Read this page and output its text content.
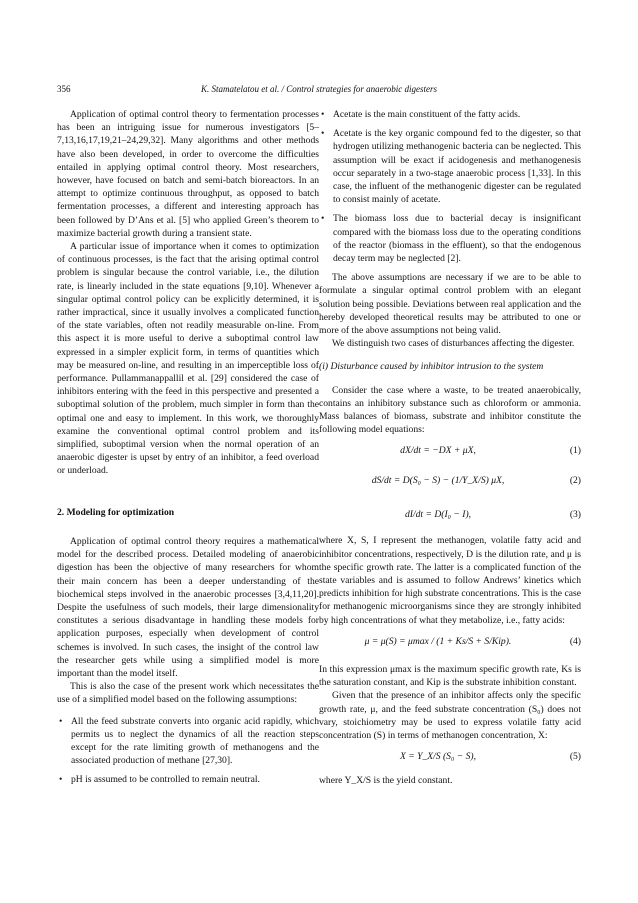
356	K. Stamatelatou et al. / Control strategies for anaerobic digesters

Application of optimal control theory to fermentation processes has been an intriguing issue for numerous investigators [5–7,13,16,17,19,21–24,29,32]. Many algorithms and other methods have also been developed, in order to overcome the difficulties entailed in applying optimal control theory. Most researchers, however, have focused on batch and semi-batch bioreactors. In an attempt to optimize continuous throughput, as opposed to batch fermentation processes, a different and interesting approach has been followed by D’Ans et al. [5] who applied Green’s theorem to maximize bacterial growth during a transient state.

A particular issue of importance when it comes to optimization of continuous processes, is the fact that the arising optimal control problem is singular because the control variable, i.e., the dilution rate, is linearly included in the state equations [9,10]. Whenever a singular optimal control policy can be explicitly determined, it is rather impractical, since it usually involves a complicated function of the state variables, often not readily measurable on-line. From this aspect it is more useful to derive a suboptimal control law expressed in a simpler explicit form, in terms of quantities which may be measured on-line, and resulting in an imperceptible loss of performance. Pullammanappallil et al. [29] considered the case of inhibitors entering with the feed in this perspective and presented a suboptimal solution of the problem, much simpler in form than the optimal one and easy to implement. In this work, we thoroughly examine the conventional optimal control problem and its simplified, suboptimal version when the normal operation of an anaerobic digester is upset by entry of an inhibitor, a feed overload or underload.

2. Modeling for optimization

Application of optimal control theory requires a mathematical model for the described process. Detailed modeling of anaerobic digestion has been the objective of many researchers for whom their main concern has been a deeper understanding of the biochemical steps involved in the anaerobic processes [3,4,11,20]. Despite the usefulness of such models, their large dimensionality constitutes a serious disadvantage in handling these models for application purposes, especially when development of control schemes is involved. In such cases, the insight of the control law the researcher gets while using a simplified model is more important than the model itself.

This is also the case of the present work which necessitates the use of a simplified model based on the following assumptions:

• All the feed substrate converts into organic acid rapidly, which permits us to neglect the dynamics of all the reaction steps except for the rate limiting growth of methanogens and the associated production of methane [27,30].
• pH is assumed to be controlled to remain neutral.
• Acetate is the main constituent of the fatty acids.
• Acetate is the key organic compound fed to the digester, so that hydrogen utilizing methanogenic bacteria can be neglected. This assumption will be exact if acidogenesis and methanogenesis occur separately in a two-stage anaerobic process [1,33]. In this case, the influent of the methanogenic digester can be regulated to consist mainly of acetate.
• The biomass loss due to bacterial decay is insignificant compared with the biomass loss due to the operating conditions of the reactor (biomass in the effluent), so that the endogenous decay term may be neglected [2].

The above assumptions are necessary if we are to be able to formulate a singular optimal control problem with an elegant solution being possible. Deviations between real application and the hereby developed theoretical results may be attributed to one or more of the above assumptions not being valid.

We distinguish two cases of disturbances affecting the digester.

(i) Disturbance caused by inhibitor intrusion to the system

Consider the case where a waste, to be treated anaerobically, contains an inhibitory substance such as chloroform or ammonia. Mass balances of biomass, substrate and inhibitor constitute the following model equations:

dX/dt = −DX + μX,	(1)
dS/dt = D(S₀ − S) − (1/Y_X/S) μX,	(2)
dI/dt = D(I₀ − I),	(3)

where X, S, I represent the methanogen, volatile fatty acid and inhibitor concentrations, respectively, D is the dilution rate, and μ is the specific growth rate. The latter is a complicated function of the state variables and is assumed to follow Andrews’ kinetics which predicts inhibition for high substrate concentrations. This is the case for methanogenic microorganisms since they are strongly inhibited by high concentrations of what they metabolize, i.e., fatty acids:

μ = μ(S) = μmax / (1 + Ks/S + S/Kip).	(4)

In this expression μmax is the maximum specific growth rate, Ks is the saturation constant, and Kip is the substrate inhibition constant.

Given that the presence of an inhibitor affects only the specific growth rate, μ, and the feed substrate concentration (S₀) does not vary, stoichiometry may be used to express volatile fatty acid concentration (S) in terms of methanogen concentration, X:

X = Y_X/S (S₀ − S),	(5)

where Y_X/S is the yield constant.
